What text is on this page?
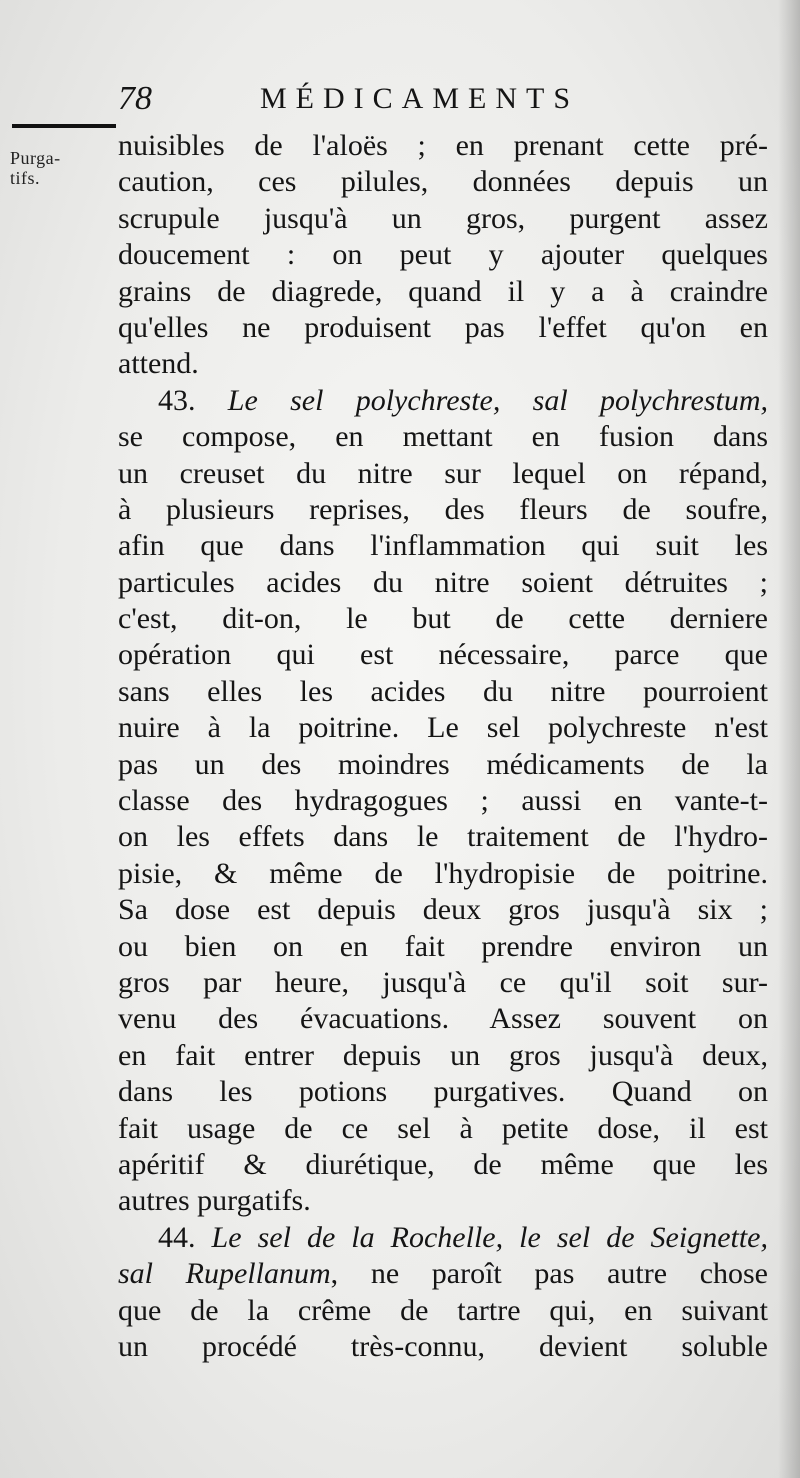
78	MÉDICAMENTS
Purga-
tifs.
nuisibles de l'aloës ; en prenant cette pré-
caution, ces pilules, données depuis un
scrupule jusqu'à un gros, purgent assez
doucement : on peut y ajouter quelques
grains de diagrede, quand il y a à craindre
qu'elles ne produisent pas l'effet qu'on en
attend.
43. Le sel polychreste, sal polychrestum,
se compose, en mettant en fusion dans
un creuset du nitre sur lequel on répand,
à plusieurs reprises, des fleurs de soufre,
afin que dans l'inflammation qui suit les
particules acides du nitre soient détruites ;
c'est, dit-on, le but de cette derniere
opération qui est nécessaire, parce que
sans elles les acides du nitre pourroient
nuire à la poitrine. Le sel polychreste n'est
pas un des moindres médicaments de la
classe des hydragogues ; aussi en vante-t-
on les effets dans le traitement de l'hydro-
pisie, & même de l'hydropisie de poitrine.
Sa dose est depuis deux gros jusqu'à six ;
ou bien on en fait prendre environ un
gros par heure, jusqu'à ce qu'il soit sur-
venu des évacuations. Assez souvent on
en fait entrer depuis un gros jusqu'à deux,
dans les potions purgatives. Quand on
fait usage de ce sel à petite dose, il est
apéritif & diurétique, de même que les
autres purgatifs.
44. Le sel de la Rochelle, le sel de Seignette,
sal Rupellanum, ne paroît pas autre chose
que de la crême de tartre qui, en suivant
un procédé très-connu, devient soluble
